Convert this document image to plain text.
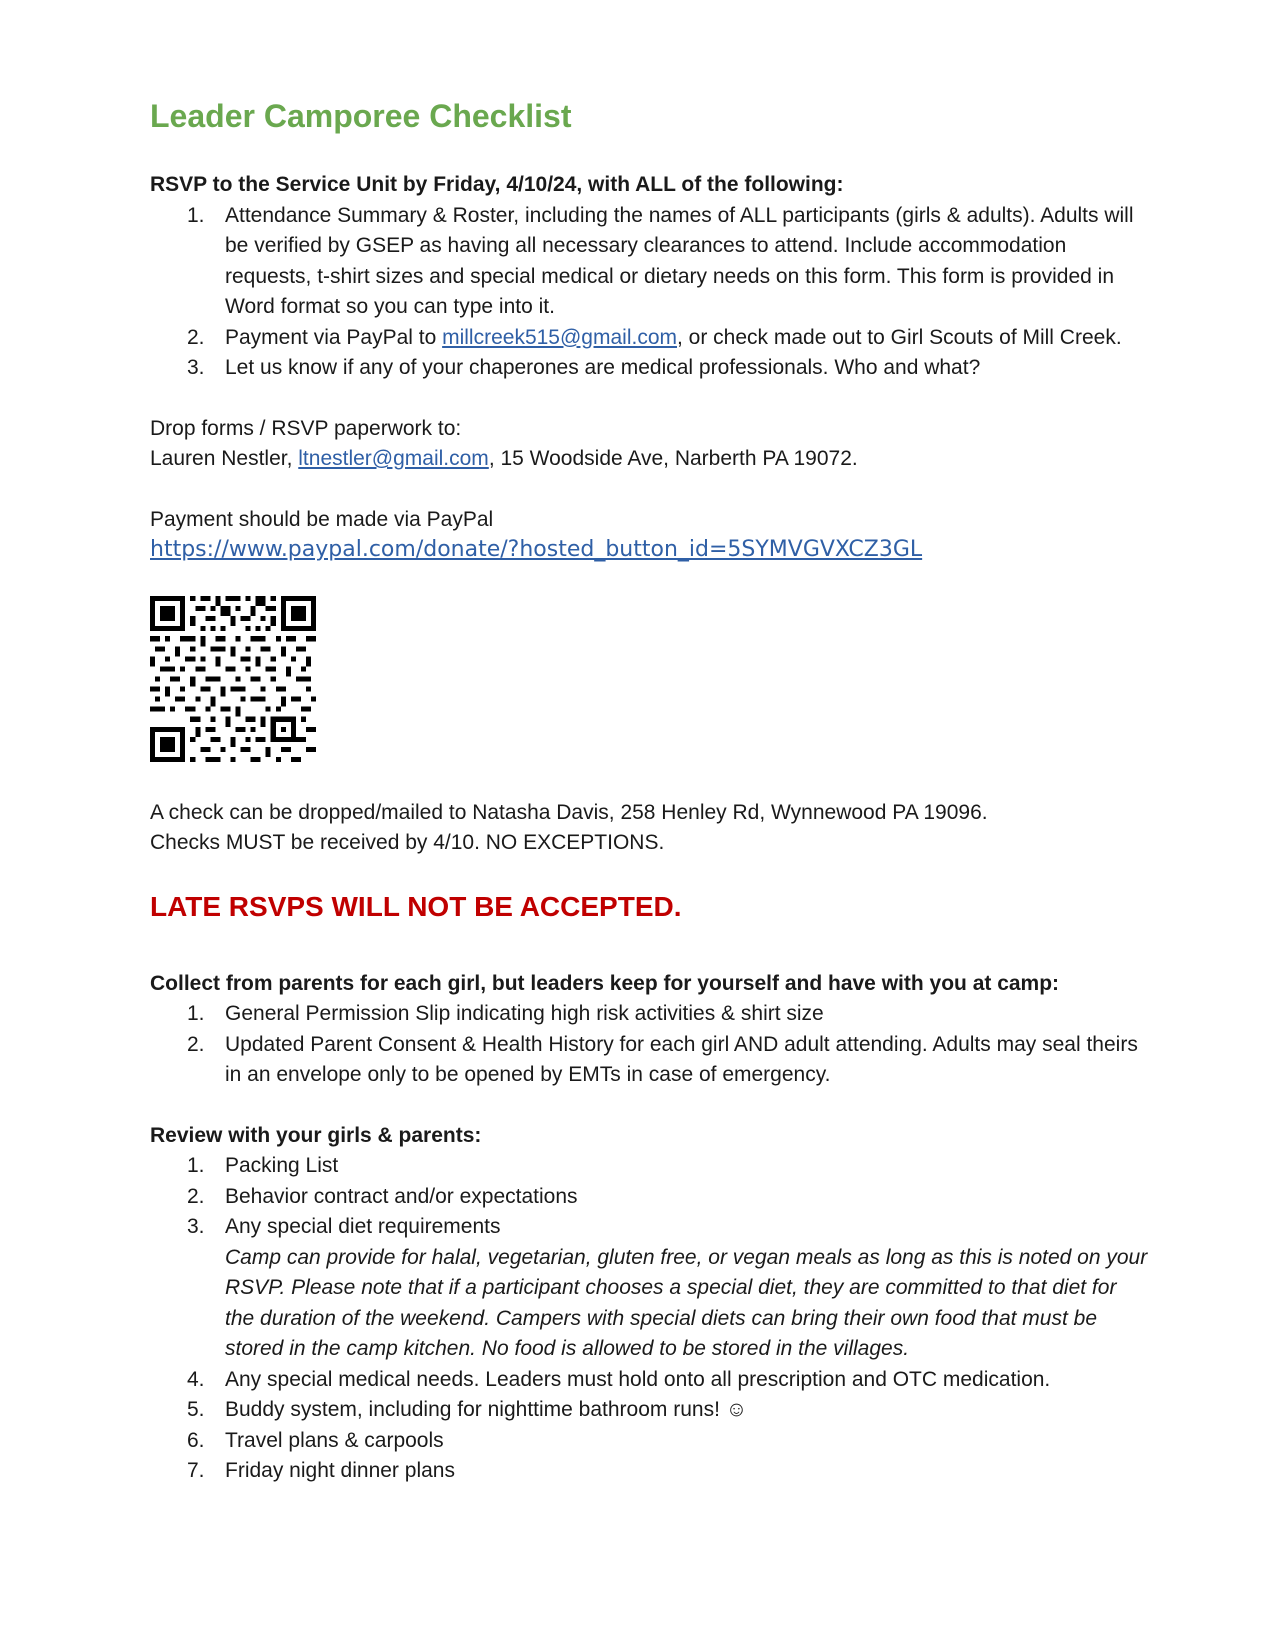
Leader Camporee Checklist

RSVP to the Service Unit by Friday, 4/10/24, with ALL of the following:

1. Attendance Summary & Roster, including the names of ALL participants (girls & adults). Adults will be verified by GSEP as having all necessary clearances to attend. Include accommodation requests, t-shirt sizes and special medical or dietary needs on this form. This form is provided in Word format so you can type into it.
2. Payment via PayPal to millcreek515@gmail.com, or check made out to Girl Scouts of Mill Creek.
3. Let us know if any of your chaperones are medical professionals. Who and what?

Drop forms / RSVP paperwork to:

Lauren Nestler, ltnestler@gmail.com, 15 Woodside Ave, Narberth PA 19072.

Payment should be made via PayPal

https://www.paypal.com/donate/?hosted_button_id=5SYMVGVXCZ3GL

A check can be dropped/mailed to Natasha Davis, 258 Henley Rd, Wynnewood PA 19096.

Checks MUST be received by 4/10. NO EXCEPTIONS.

LATE RSVPS WILL NOT BE ACCEPTED.

Collect from parents for each girl, but leaders keep for yourself and have with you at camp:

1. General Permission Slip indicating high risk activities & shirt size
2. Updated Parent Consent & Health History for each girl AND adult attending. Adults may seal theirs in an envelope only to be opened by EMTs in case of emergency.

Review with your girls & parents:

1. Packing List
2. Behavior contract and/or expectations
3. Any special diet requirements
Camp can provide for halal, vegetarian, gluten free, or vegan meals as long as this is noted on your RSVP. Please note that if a participant chooses a special diet, they are committed to that diet for the duration of the weekend. Campers with special diets can bring their own food that must be stored in the camp kitchen. No food is allowed to be stored in the villages.
4. Any special medical needs. Leaders must hold onto all prescription and OTC medication.
5. Buddy system, including for nighttime bathroom runs! ☺
6. Travel plans & carpools
7. Friday night dinner plans
